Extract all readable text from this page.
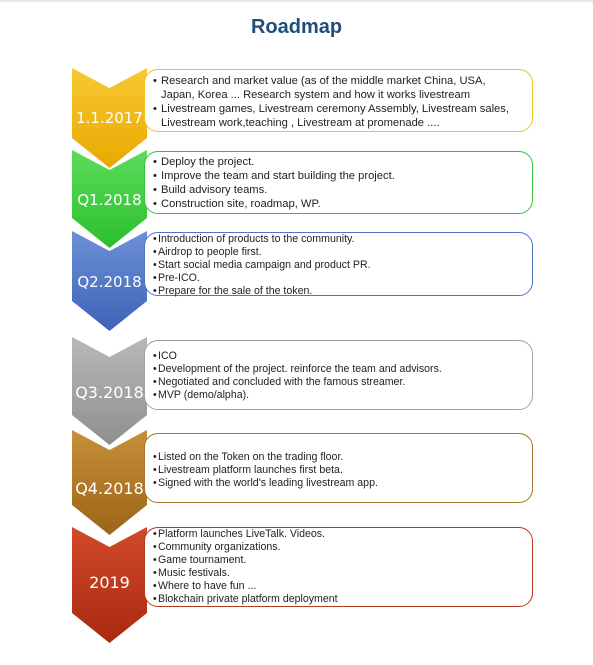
Roadmap
1.1.2017
• Research and market value (as of the middle market China, USA, Japan, Korea ... Research system and how it works livestream
• Livestream games, Livestream ceremony Assembly, Livestream sales, Livestream work,teaching , Livestream at promenade ....
Q1.2018
• Deploy the project.
• Improve the team and start building the project.
• Build advisory teams.
• Construction site, roadmap, WP.
Q2.2018
• Introduction of products to the community.
• Airdrop to people first.
• Start social media campaign and product PR.
• Pre-ICO.
• Prepare for the sale of the token.
Q3.2018
• ICO
• Development of the project. reinforce the team and advisors.
• Negotiated and concluded with the famous streamer.
• MVP (demo/alpha).
Q4.2018
• Listed on the Token on the trading floor.
• Livestream platform launches first beta.
• Signed with the world's leading livestream app.
2019
• Platform launches LiveTalk. Videos.
• Community organizations.
• Game tournament.
• Music festivals.
• Where to have fun ...
• Blokchain private platform deployment
